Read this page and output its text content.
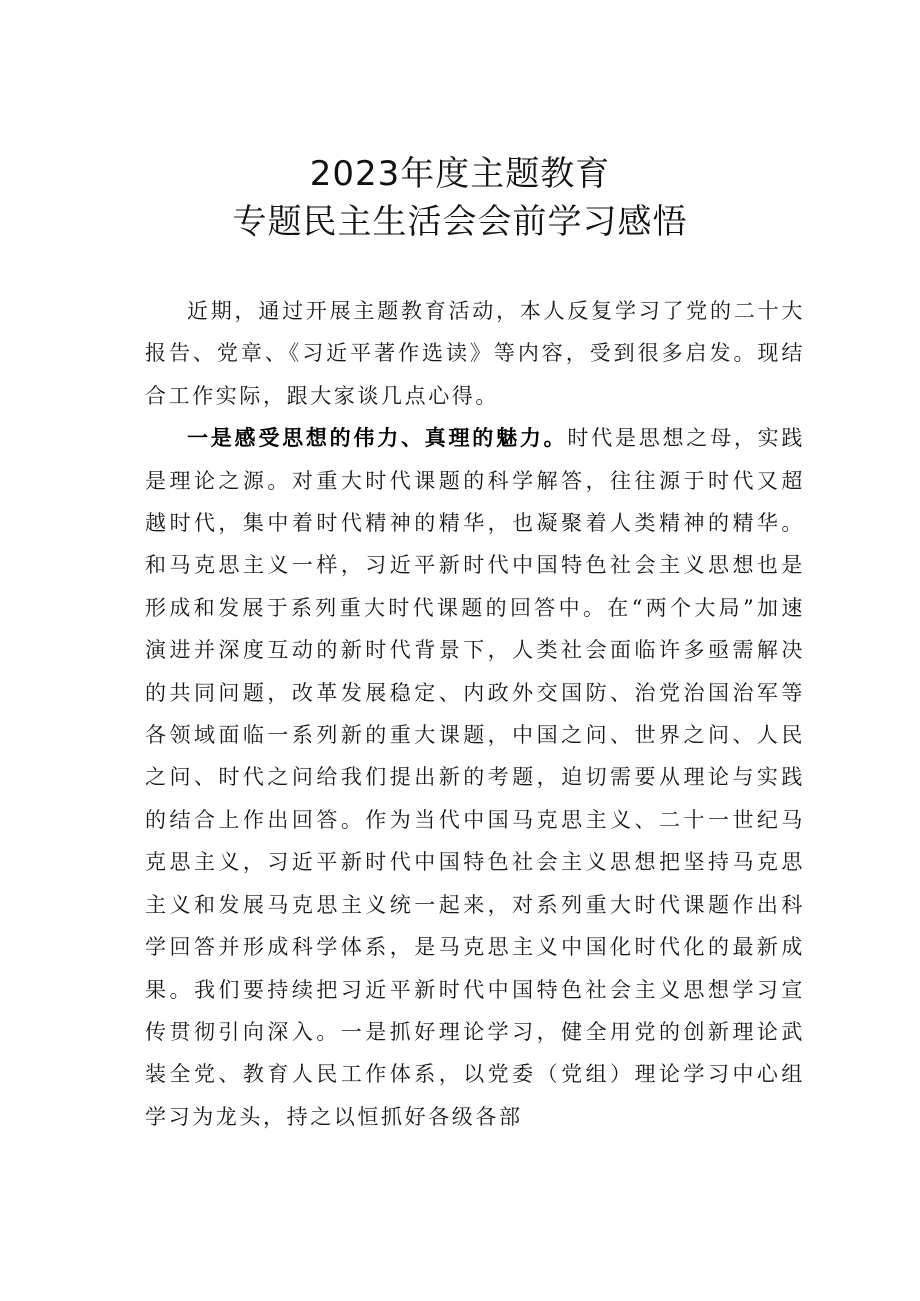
2023年度主题教育
专题民主生活会会前学习感悟

近期，通过开展主题教育活动，本人反复学习了党的二十大报告、党章、《习近平著作选读》等内容，受到很多启发。现结合工作实际，跟大家谈几点心得。

一是感受思想的伟力、真理的魅力。时代是思想之母，实践是理论之源。对重大时代课题的科学解答，往往源于时代又超越时代，集中着时代精神的精华，也凝聚着人类精神的精华。和马克思主义一样，习近平新时代中国特色社会主义思想也是形成和发展于系列重大时代课题的回答中。在“两个大局”加速演进并深度互动的新时代背景下，人类社会面临许多亟需解决的共同问题，改革发展稳定、内政外交国防、治党治国治军等各领域面临一系列新的重大课题，中国之问、世界之问、人民之问、时代之问给我们提出新的考题，迫切需要从理论与实践的结合上作出回答。作为当代中国马克思主义、二十一世纪马克思主义，习近平新时代中国特色社会主义思想把坚持马克思主义和发展马克思主义统一起来，对系列重大时代课题作出科学回答并形成科学体系，是马克思主义中国化时代化的最新成果。我们要持续把习近平新时代中国特色社会主义思想学习宣传贯彻引向深入。一是抓好理论学习，健全用党的创新理论武装全党、教育人民工作体系，以党委（党组）理论学习中心组学习为龙头，持之以恒抓好各级各部
